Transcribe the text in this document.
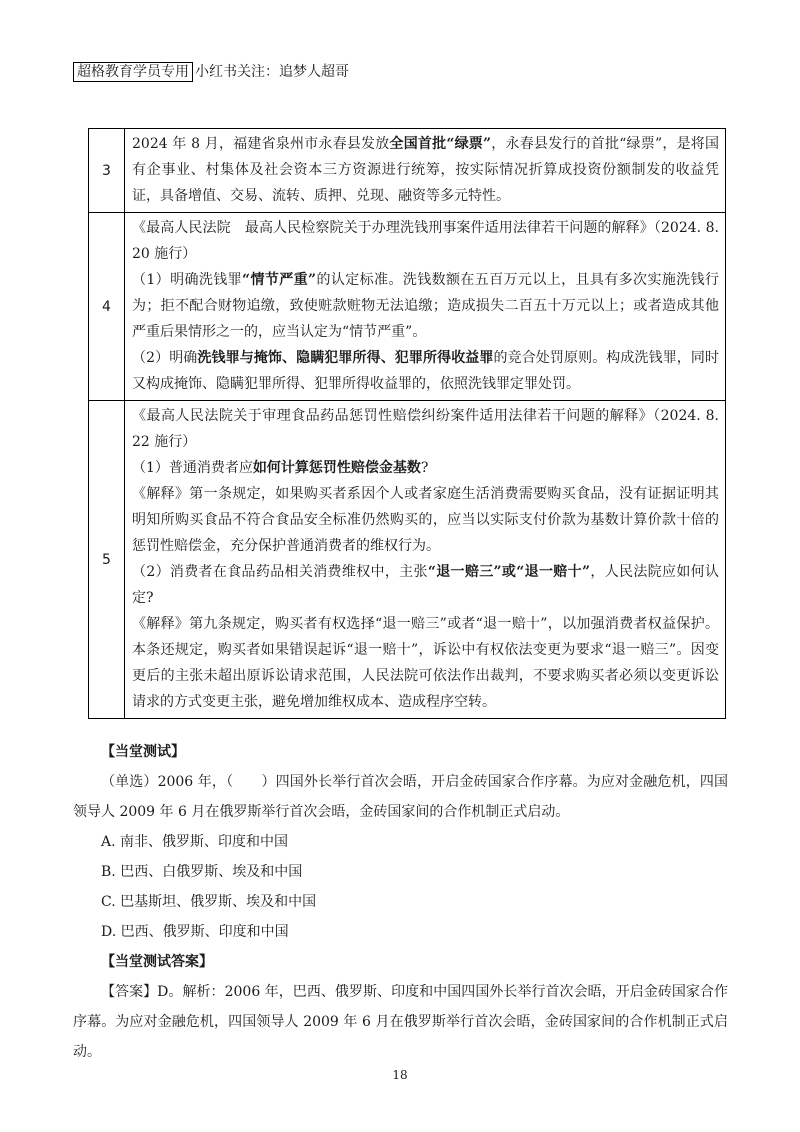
超格教育学员专用 小红书关注：追梦人超哥
3	2024 年 8 月，福建省泉州市永春县发放全国首批“绿票”，永春县发行的首批“绿票”，是将国有企事业、村集体及社会资本三方资源进行统筹，按实际情况折算成投资份额制发的收益凭证，具备增值、交易、流转、质押、兑现、融资等多元特性。

4	《最高人民法院　最高人民检察院关于办理洗钱刑事案件适用法律若干问题的解释》（2024. 8. 20 施行）

（1）明确洗钱罪“情节严重”的认定标准。洗钱数额在五百万元以上，且具有多次实施洗钱行为；拒不配合财物追缴，致使赃款赃物无法追缴；造成损失二百五十万元以上；或者造成其他严重后果情形之一的，应当认定为“情节严重”。

（2）明确洗钱罪与掩饰、隐瞒犯罪所得、犯罪所得收益罪的竞合处罚原则。构成洗钱罪，同时又构成掩饰、隐瞒犯罪所得、犯罪所得收益罪的，依照洗钱罪定罪处罚。

5	《最高人民法院关于审理食品药品惩罚性赔偿纠纷案件适用法律若干问题的解释》（2024. 8. 22 施行）

（1）普通消费者应如何计算惩罚性赔偿金基数?

《解释》第一条规定，如果购买者系因个人或者家庭生活消费需要购买食品，没有证据证明其明知所购买食品不符合食品安全标准仍然购买的，应当以实际支付价款为基数计算价款十倍的惩罚性赔偿金，充分保护普通消费者的维权行为。

（2）消费者在食品药品相关消费维权中，主张“退一赔三”或“退一赔十”，人民法院应如何认定?

《解释》第九条规定，购买者有权选择“退一赔三”或者“退一赔十”，以加强消费者权益保护。本条还规定，购买者如果错误起诉“退一赔十”，诉讼中有权依法变更为要求“退一赔三”。因变更后的主张未超出原诉讼请求范围，人民法院可依法作出裁判，不要求购买者必须以变更诉讼请求的方式变更主张，避免增加维权成本、造成程序空转。

【当堂测试】

（单选）2006 年，（　　）四国外长举行首次会晤，开启金砖国家合作序幕。为应对金融危机，四国领导人 2009 年 6 月在俄罗斯举行首次会晤，金砖国家间的合作机制正式启动。

A. 南非、俄罗斯、印度和中国

B. 巴西、白俄罗斯、埃及和中国

C. 巴基斯坦、俄罗斯、埃及和中国

D. 巴西、俄罗斯、印度和中国

【当堂测试答案】

【答案】D。解析：2006 年，巴西、俄罗斯、印度和中国四国外长举行首次会晤，开启金砖国家合作序幕。为应对金融危机，四国领导人 2009 年 6 月在俄罗斯举行首次会晤，金砖国家间的合作机制正式启动。

18
